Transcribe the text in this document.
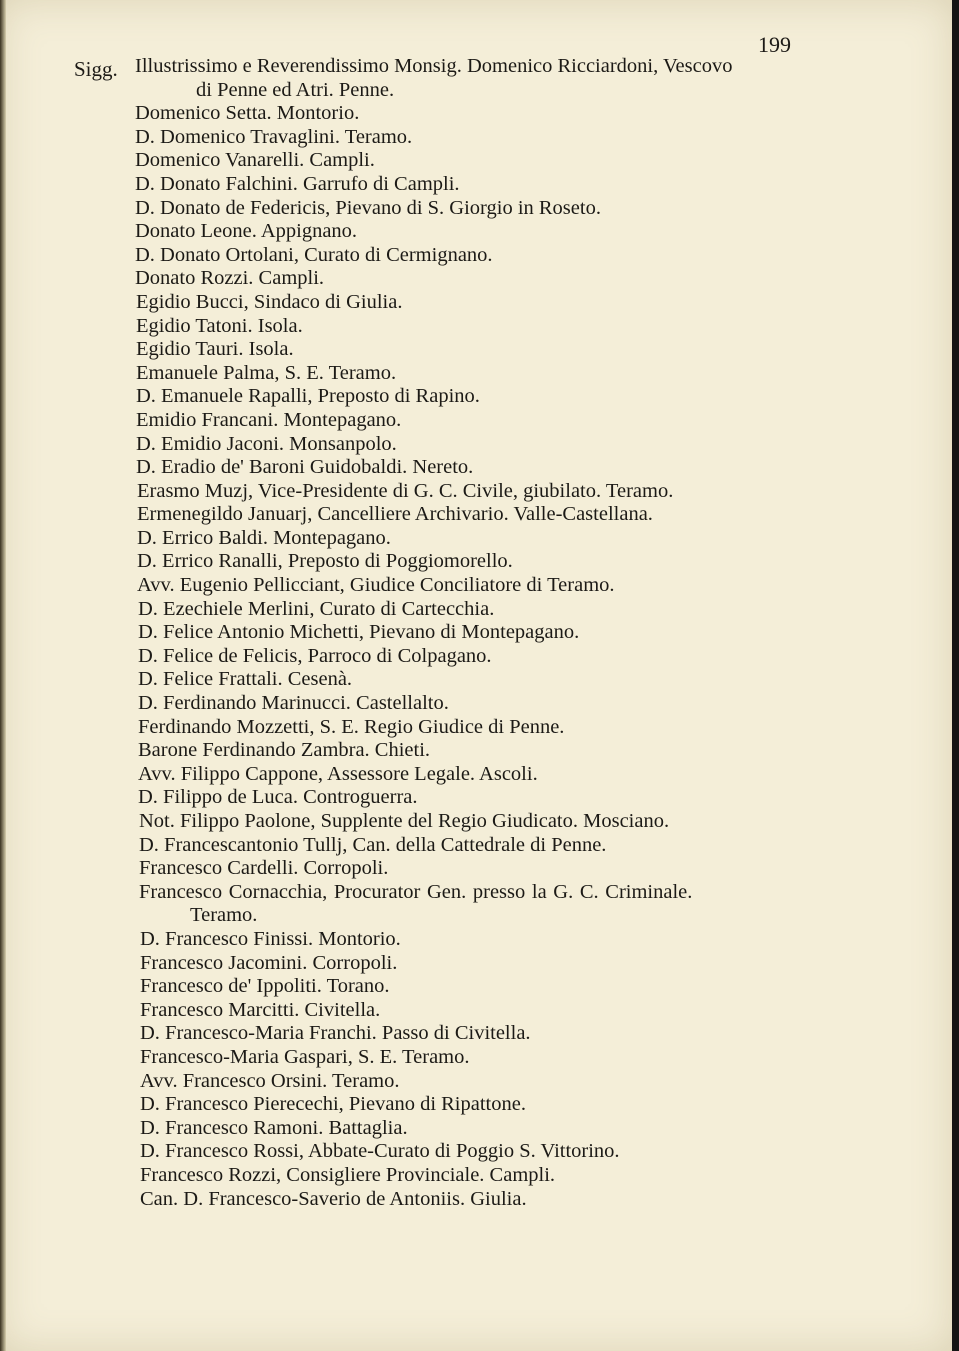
199
Sigg. Illustrissimo e Reverendissimo Monsig. Domenico Ricciardoni, Vescovo
di Penne ed Atri. Penne.
Domenico Setta. Montorio.
D. Domenico Travaglini. Teramo.
Domenico Vanarelli. Campli.
D. Donato Falchini. Garrufo di Campli.
D. Donato de Federicis, Pievano di S. Giorgio in Roseto.
Donato Leone. Appignano.
D. Donato Ortolani, Curato di Cermignano.
Donato Rozzi. Campli.
Egidio Bucci, Sindaco di Giulia.
Egidio Tatoni. Isola.
Egidio Tauri. Isola.
Emanuele Palma, S. E. Teramo.
D. Emanuele Rapalli, Preposto di Rapino.
Emidio Francani. Montepagano.
D. Emidio Jaconi. Monsanpolo.
D. Eradio de' Baroni Guidobaldi. Nereto.
Erasmo Muzj, Vice-Presidente di G. C. Civile, giubilato. Teramo.
Ermenegildo Januarj, Cancelliere Archivario. Valle-Castellana.
D. Errico Baldi. Montepagano.
D. Errico Ranalli, Preposto di Poggiomorello.
Avv. Eugenio Pellicciant, Giudice Conciliatore di Teramo.
D. Ezechiele Merlini, Curato di Cartecchia.
D. Felice Antonio Michetti, Pievano di Montepagano.
D. Felice de Felicis, Parroco di Colpagano.
D. Felice Frattali. Cesenà.
D. Ferdinando Marinucci. Castellalto.
Ferdinando Mozzetti, S. E. Regio Giudice di Penne.
Barone Ferdinando Zambra. Chieti.
Avv. Filippo Cappone, Assessore Legale. Ascoli.
D. Filippo de Luca. Controguerra.
Not. Filippo Paolone, Supplente del Regio Giudicato. Mosciano.
D. Francescantonio Tullj, Can. della Cattedrale di Penne.
Francesco Cardelli. Corropoli.
Francesco Cornacchia, Procurator Gen. presso la G. C. Criminale.
Teramo.
D. Francesco Finissi. Montorio.
Francesco Jacomini. Corropoli.
Francesco de' Ippoliti. Torano.
Francesco Marcitti. Civitella.
D. Francesco-Maria Franchi. Passo di Civitella.
Francesco-Maria Gaspari, S. E. Teramo.
Avv. Francesco Orsini. Teramo.
D. Francesco Pierecechi, Pievano di Ripattone.
D. Francesco Ramoni. Battaglia.
D. Francesco Rossi, Abbate-Curato di Poggio S. Vittorino.
Francesco Rozzi, Consigliere Provinciale. Campli.
Can. D. Francesco-Saverio de Antoniis. Giulia.
